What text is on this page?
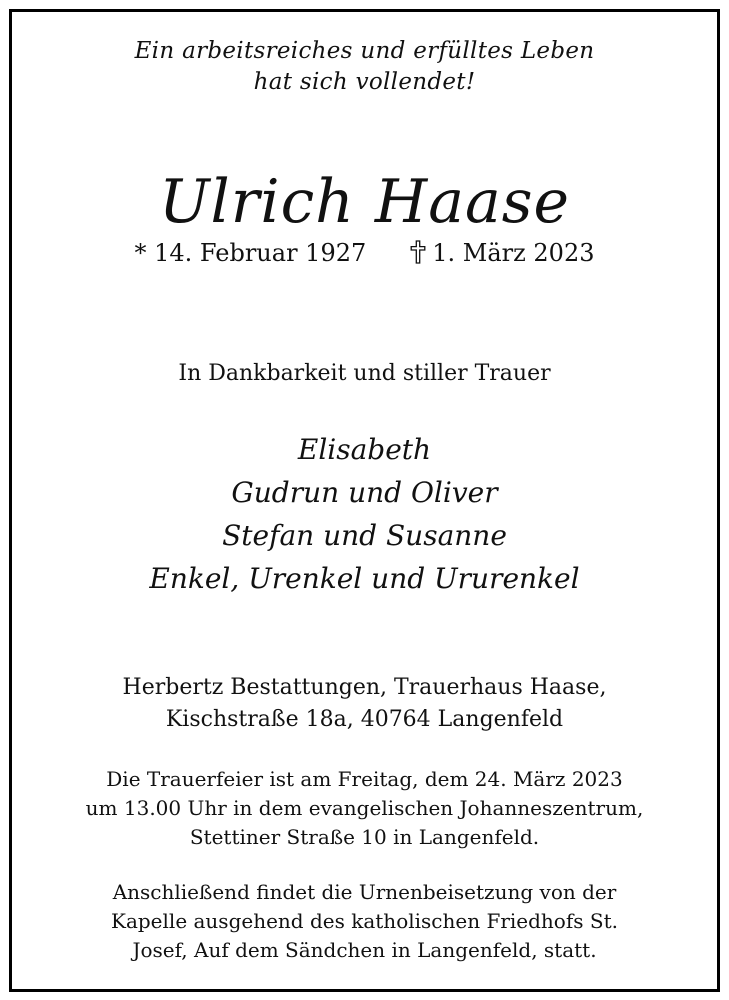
Ein arbeitsreiches und erfülltes Leben
hat sich vollendet!
Ulrich Haase
* 14. Februar 1927	1. März 2023
In Dankbarkeit und stiller Trauer
Elisabeth
Gudrun und Oliver
Stefan und Susanne
Enkel, Urenkel und Ururenkel
Herbertz Bestattungen, Trauerhaus Haase,
Kischstraße 18a, 40764 Langenfeld
Die Trauerfeier ist am Freitag, dem 24. März 2023
um 13.00 Uhr in dem evangelischen Johanneszentrum,
Stettiner Straße 10 in Langenfeld.
Anschließend findet die Urnenbeisetzung von der
Kapelle ausgehend des katholischen Friedhofs St.
Josef, Auf dem Sändchen in Langenfeld, statt.
